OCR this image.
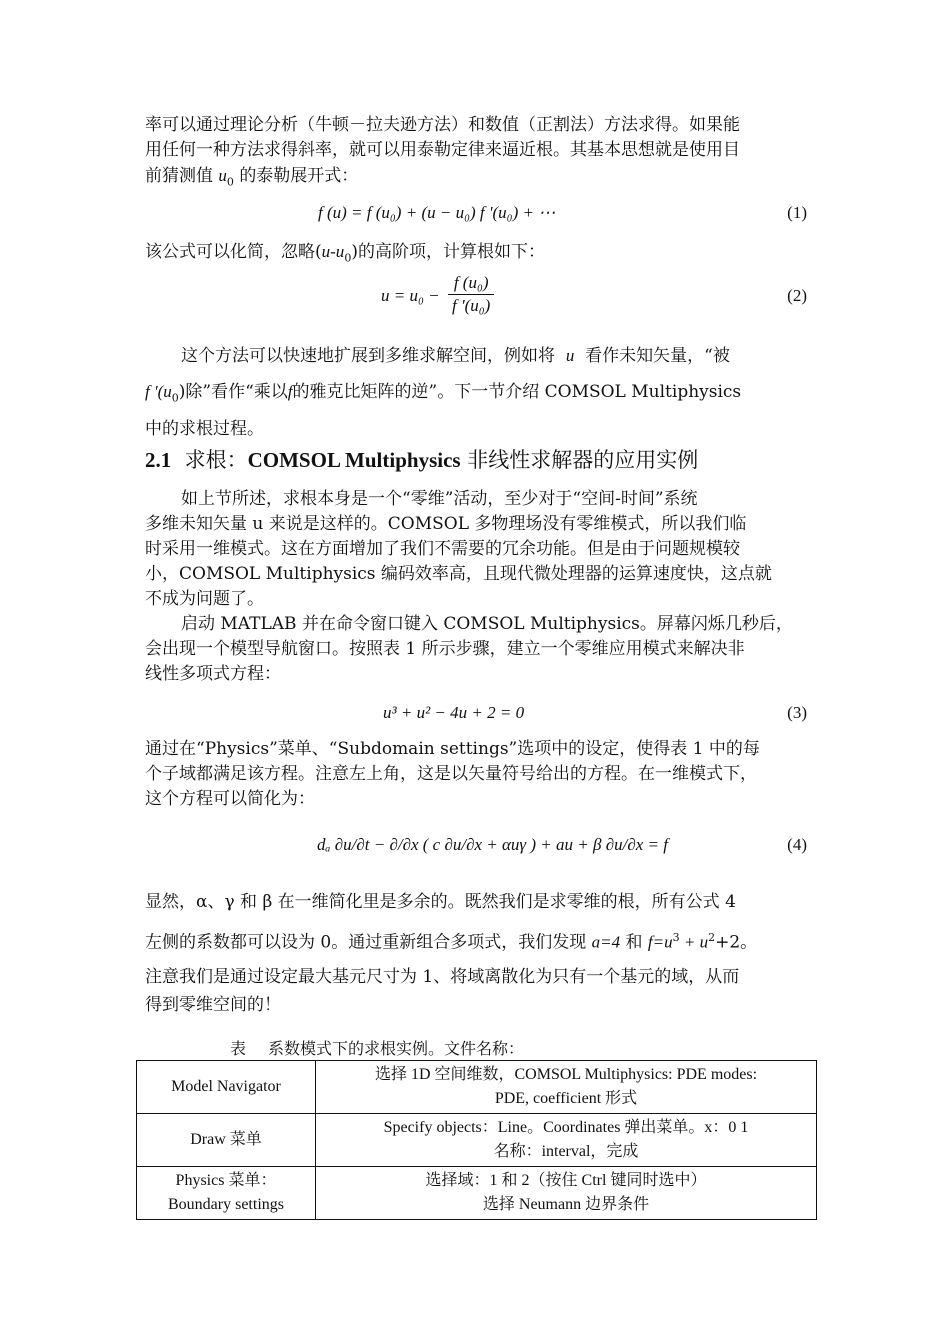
率可以通过理论分析（牛顿－拉夫逊方法）和数值（正割法）方法求得。如果能
用任何一种方法求得斜率，就可以用泰勒定律来逼近根。其基本思想就是使用目
前猜测值 $u_0$ 的泰勒展开式：
f (u) = f (u₀) + (u − u₀) f '(u₀) + ⋯	(1)
该公式可以化简，忽略$(u-u_0)$的高阶项，计算根如下：
$u = u_0 - \frac{\text{f (u₀)}}{\text{f '(u₀)}}$	(2)
这个方法可以快速地扩展到多维求解空间，例如将 u 看作未知矢量，“被
f '$(u_0)$除”看作“乘以f的雅克比矩阵的逆”。下一节介绍 COMSOL Multiphysics
中的求根过程。
2.1 求根：COMSOL Multiphysics 非线性求解器的应用实例
如上节所述，求根本身是一个“零维”活动，至少对于“空间-时间”系统
多维未知矢量 u 来说是这样的。COMSOL 多物理场没有零维模式，所以我们临
时采用一维模式。这在方面增加了我们不需要的冗余功能。但是由于问题规模较
小，COMSOL Multiphysics 编码效率高，且现代微处理器的运算速度快，这点就
不成为问题了。
启动 MATLAB 并在命令窗口键入 COMSOL Multiphysics。屏幕闪烁几秒后，
会出现一个模型导航窗口。按照表 1 所示步骤，建立一个零维应用模式来解决非
线性多项式方程：
u³ + u² − 4u + 2 = 0	(3)
通过在“Physics”菜单、“Subdomain settings”选项中的设定，使得表 1 中的每
个子域都满足该方程。注意左上角，这是以矢量符号给出的方程。在一维模式下，
这个方程可以简化为：
dₐ ∂u/∂t − ∂/∂x ( c ∂u/∂x + αuγ ) + au + β ∂u/∂x = f	(4)
显然，α、γ 和 β 在一维简化里是多余的。既然我们是求零维的根，所有公式 4
左侧的系数都可以设为 0。通过重新组合多项式，我们发现 a=4 和 $f=u^3 + u^2+2$。
注意我们是通过设定最大基元尺寸为 1、将域离散化为只有一个基元的域，从而
得到零维空间的！
表 系数模式下的求根实例。文件名称：
Model Navigator	选择 1D 空间维数，COMSOL Multiphysics: PDE modes:
PDE, coefficient 形式

Draw 菜单	Specify objects：Line。Coordinates 弹出菜单。x：0 1
名称：interval，完成

Physics 菜单：
Boundary settings	选择域：1 和 2（按住 Ctrl 键同时选中）
选择 Neumann 边界条件
